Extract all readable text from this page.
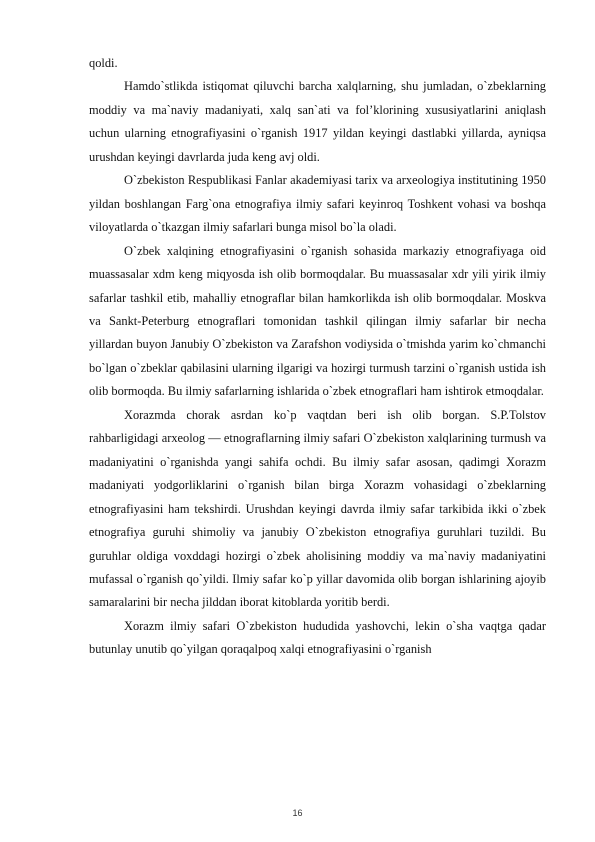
qoldi.

Hamdo`stlikda istiqomat qiluvchi barcha xalqlarning, shu jumladan, o`zbeklarning moddiy va ma`naviy madaniyati, xalq san`ati va fol’klorining xususiyatlarini aniqlash uchun ularning etnografiyasini o`rganish 1917 yildan keyingi dastlabki yillarda, ayniqsa urushdan keyingi davrlarda juda keng avj oldi.

O`zbekiston Respublikasi Fanlar akademiyasi tarix va arxeologiya institutining 1950 yildan boshlangan Farg`ona etnografiya ilmiy safari keyinroq Toshkent vohasi va boshqa viloyatlarda o`tkazgan ilmiy safarlari bunga misol bo`la oladi.

O`zbek xalqining etnografiyasini o`rganish sohasida markaziy etnografiyaga oid muassasalar xdm keng miqyosda ish olib bormoqdalar. Bu muassasalar xdr yili yirik ilmiy safarlar tashkil etib, mahalliy etnograflar bilan hamkorlikda ish olib bormoqdalar. Moskva va Sankt-Peterburg etnograflari tomonidan tashkil qilingan ilmiy safarlar bir necha yillardan buyon Janubiy O`zbekiston va Zarafshon vodiysida o`tmishda yarim ko`chmanchi bo`lgan o`zbeklar qabilasini ularning ilgarigi va hozirgi turmush tarzini o`rganish ustida ish olib bormoqda. Bu ilmiy safarlarning ishlarida o`zbek etnograflari ham ishtirok etmoqdalar.

Xorazmda chorak asrdan ko`p vaqtdan beri ish olib borgan. S.P.Tolstov rahbarligidagi arxeolog — etnograflarning ilmiy safari O`zbekiston xalqlarining turmush va madaniyatini o`rganishda yangi sahifa ochdi. Bu ilmiy safar asosan, qadimgi Xorazm madaniyati yodgorliklarini o`rganish bilan birga Xorazm vohasidagi o`zbeklarning etnografiyasini ham tekshirdi. Urushdan keyingi davrda ilmiy safar tarkibida ikki o`zbek etnografiya guruhi shimoliy va janubiy O`zbekiston etnografiya guruhlari tuzildi. Bu guruhlar oldiga voxddagi hozirgi o`zbek aholisining moddiy va ma`naviy madaniyatini mufassal o`rganish qo`yildi. Ilmiy safar ko`p yillar davomida olib borgan ishlarining ajoyib samaralarini bir necha jilddan iborat kitoblarda yoritib berdi.

Xorazm ilmiy safari O`zbekiston hududida yashovchi, lekin o`sha vaqtga qadar butunlay unutib qo`yilgan qoraqalpoq xalqi etnografiyasini o`rganish

16
